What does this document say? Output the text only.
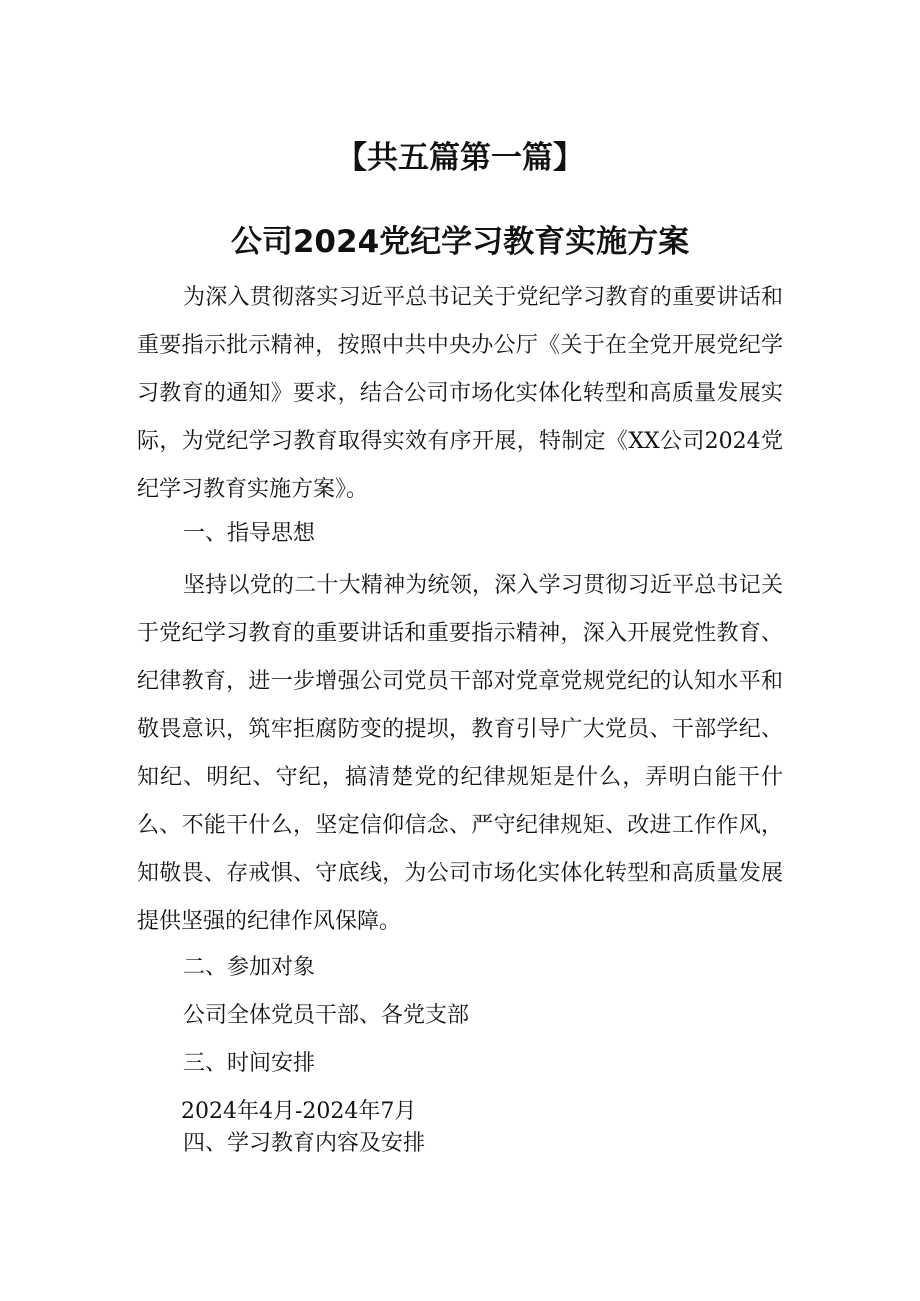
【共五篇第一篇】
公司2024党纪学习教育实施方案

为深入贯彻落实习近平总书记关于党纪学习教育的重要讲话和重要指示批示精神，按照中共中央办公厅《关于在全党开展党纪学习教育的通知》要求，结合公司市场化实体化转型和高质量发展实际，为党纪学习教育取得实效有序开展，特制定《XX公司2024党纪学习教育实施方案》。

一、指导思想

坚持以党的二十大精神为统领，深入学习贯彻习近平总书记关于党纪学习教育的重要讲话和重要指示精神，深入开展党性教育、纪律教育，进一步增强公司党员干部对党章党规党纪的认知水平和敬畏意识，筑牢拒腐防变的提坝，教育引导广大党员、干部学纪、知纪、明纪、守纪，搞清楚党的纪律规矩是什么，弄明白能干什么、不能干什么，坚定信仰信念、严守纪律规矩、改进工作作风，知敬畏、存戒惧、守底线，为公司市场化实体化转型和高质量发展提供坚强的纪律作风保障。

二、参加对象
公司全体党员干部、各党支部
三、时间安排
2024年4月-2024年7月
四、学习教育内容及安排
